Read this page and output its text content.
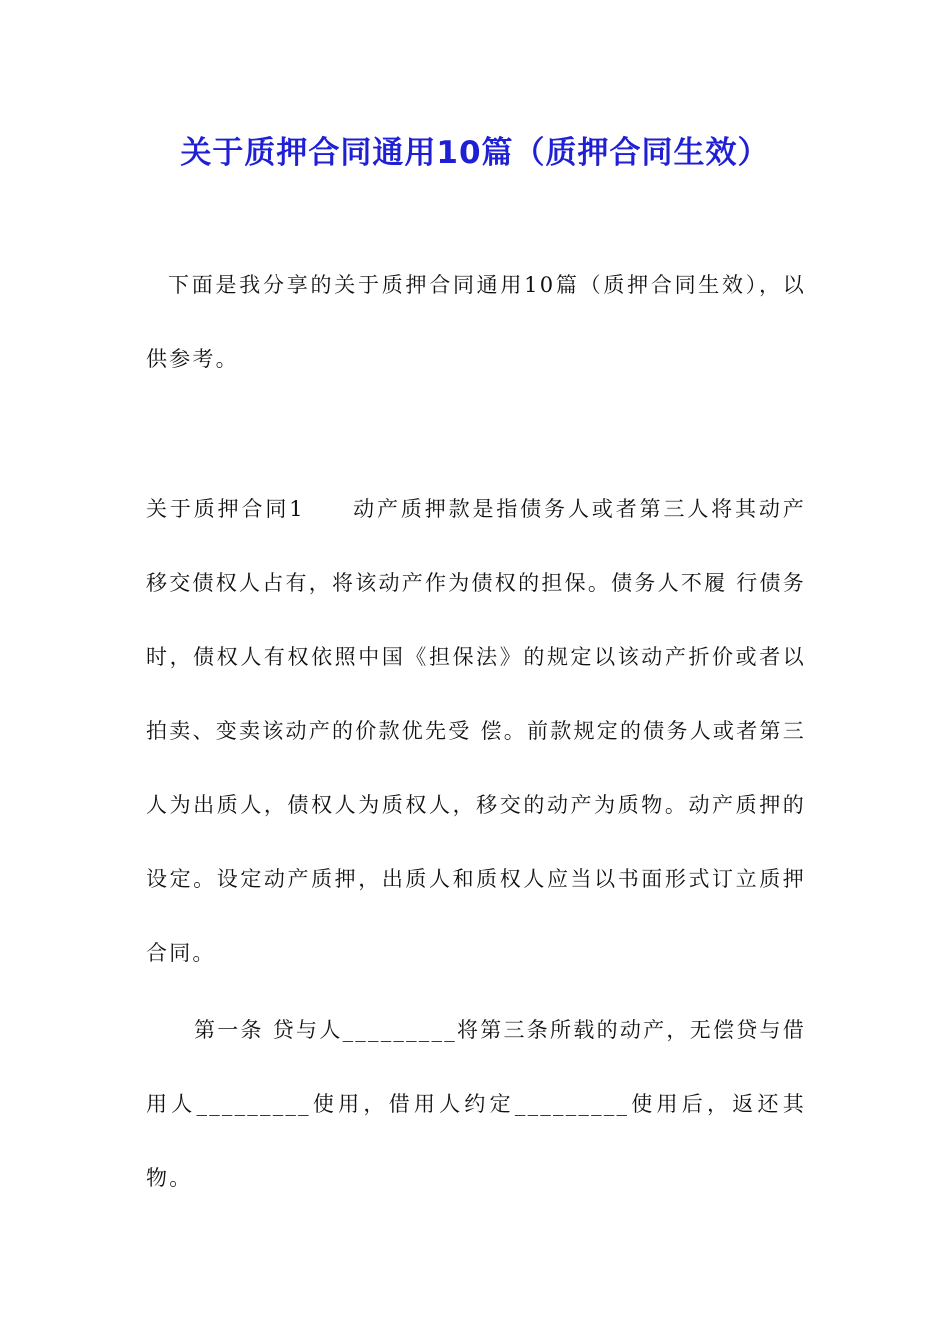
关于质押合同通用10篇（质押合同生效）
下面是我分享的关于质押合同通用10篇（质押合同生效），以供参考。
关于质押合同1　　动产质押款是指债务人或者第三人将其动产移交债权人占有，将该动产作为债权的担保。债务人不履 行债务时，债权人有权依照中国《担保法》的规定以该动产折价或者以拍卖、变卖该动产的价款优先受 偿。前款规定的债务人或者第三人为出质人，债权人为质权人，移交的动产为质物。动产质押的设定。设定动产质押，出质人和质权人应当以书面形式订立质押合同。
第一条 贷与人_________将第三条所载的动产，无偿贷与借用人_________使用，借用人约定_________使用后，返还其物。
